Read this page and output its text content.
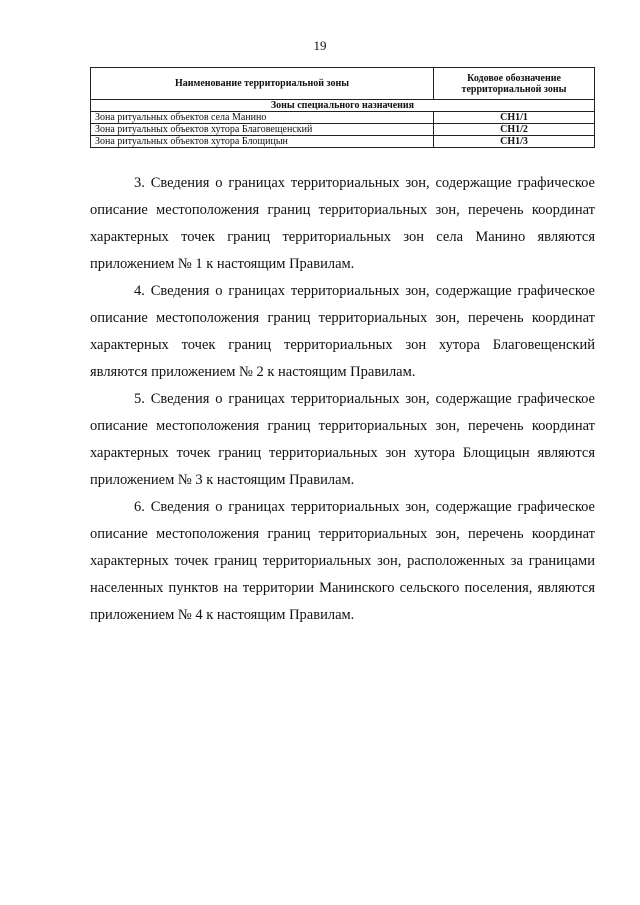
19
Наименование территориальной зоны	Кодовое обозначение территориальной зоны
Зоны специального назначения	
Зона ритуальных объектов села Манино	СН1/1
Зона ритуальных объектов хутора Благовещенский	СН1/2
Зона ритуальных объектов хутора Блощицын	СН1/3

3. Сведения о границах территориальных зон, содержащие графическое описание местоположения границ территориальных зон, перечень координат характерных точек границ территориальных зон села Манино являются приложением № 1 к настоящим Правилам.

4. Сведения о границах территориальных зон, содержащие графическое описание местоположения границ территориальных зон, перечень координат характерных точек границ территориальных зон хутора Благовещенский являются приложением № 2 к настоящим Правилам.

5. Сведения о границах территориальных зон, содержащие графическое описание местоположения границ территориальных зон, перечень координат характерных точек границ территориальных зон хутора Блощицын являются приложением № 3 к настоящим Правилам.

6. Сведения о границах территориальных зон, содержащие графическое описание местоположения границ территориальных зон, перечень координат характерных точек границ территориальных зон, расположенных за границами населенных пунктов на территории Манинского сельского поселения, являются приложением № 4 к настоящим Правилам.
